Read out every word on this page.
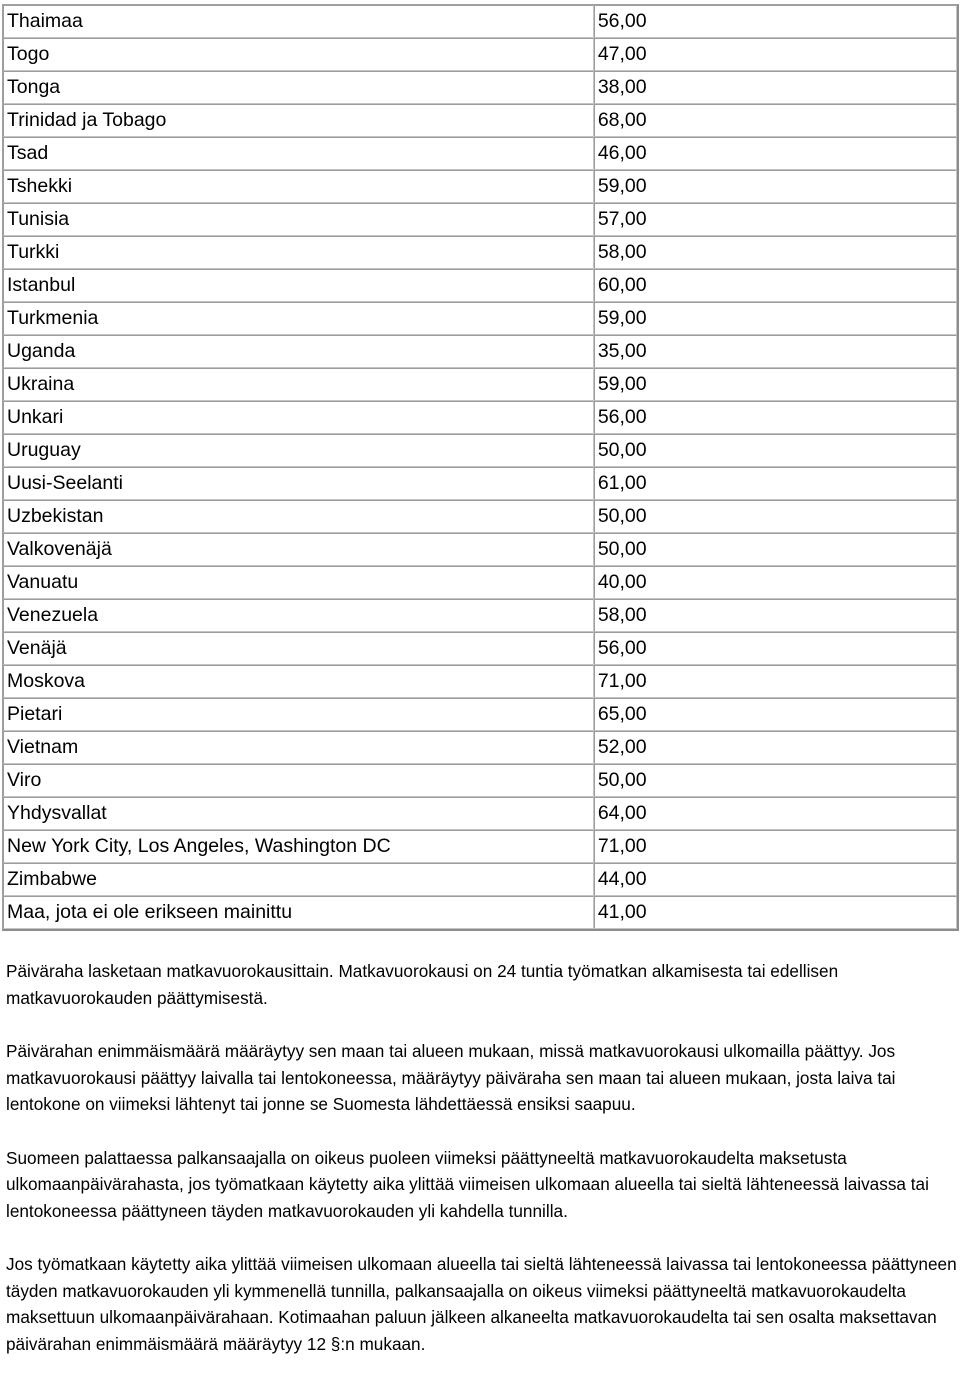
Thaimaa	56,00
Togo	47,00
Tonga	38,00
Trinidad ja Tobago	68,00
Tsad	46,00
Tshekki	59,00
Tunisia	57,00
Turkki	58,00
Istanbul	60,00
Turkmenia	59,00
Uganda	35,00
Ukraina	59,00
Unkari	56,00
Uruguay	50,00
Uusi-Seelanti	61,00
Uzbekistan	50,00
Valkovenäjä	50,00
Vanuatu	40,00
Venezuela	58,00
Venäjä	56,00
Moskova	71,00
Pietari	65,00
Vietnam	52,00
Viro	50,00
Yhdysvallat	64,00
New York City, Los Angeles, Washington DC	71,00
Zimbabwe	44,00
Maa, jota ei ole erikseen mainittu	41,00

Päiväraha lasketaan matkavuorokausittain. Matkavuorokausi on 24 tuntia työmatkan alkamisesta tai edellisen matkavuorokauden päättymisestä.

Päivärahan enimmäismäärä määräytyy sen maan tai alueen mukaan, missä matkavuorokausi ulkomailla päättyy. Jos matkavuorokausi päättyy laivalla tai lentokoneessa, määräytyy päiväraha sen maan tai alueen mukaan, josta laiva tai lentokone on viimeksi lähtenyt tai jonne se Suomesta lähdettäessä ensiksi saapuu.

Suomeen palattaessa palkansaajalla on oikeus puoleen viimeksi päättyneeltä matkavuorokaudelta maksetusta ulkomaanpäivärahasta, jos työmatkaan käytetty aika ylittää viimeisen ulkomaan alueella tai sieltä lähteneessä laivassa tai lentokoneessa päättyneen täyden matkavuorokauden yli kahdella tunnilla.

Jos työmatkaan käytetty aika ylittää viimeisen ulkomaan alueella tai sieltä lähteneessä laivassa tai lentokoneessa päättyneen täyden matkavuorokauden yli kymmenellä tunnilla, palkansaajalla on oikeus viimeksi päättyneeltä matkavuorokaudelta maksettuun ulkomaanpäivärahaan. Kotimaahan paluun jälkeen alkaneelta matkavuorokaudelta tai sen osalta maksettavan päivärahan enimmäismäärä määräytyy 12 §:n mukaan.
